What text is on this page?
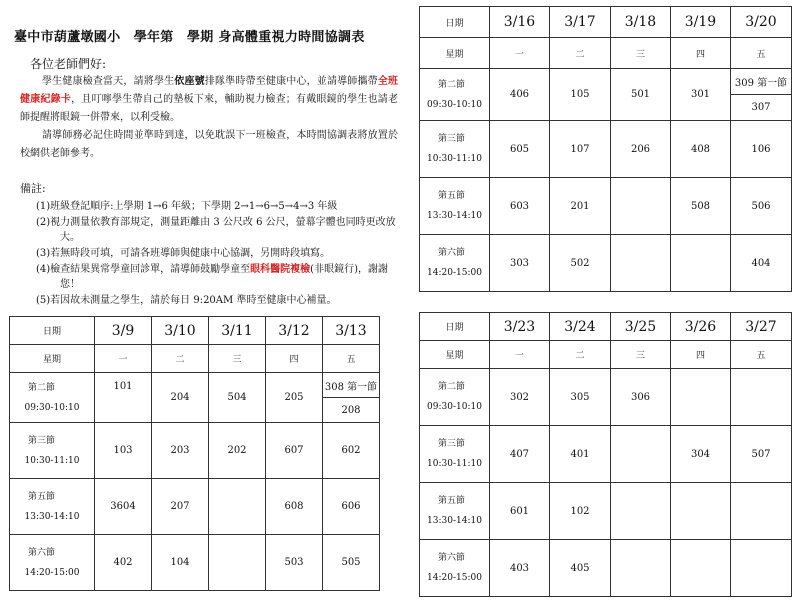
臺中市葫蘆墩國小　學年第　學期 身高體重視力時間協調表
各位老師們好:
學生健康檢查當天，請將學生依座號排隊準時帶至健康中心，並請導師攜帶全班健康紀錄卡，且叮嚀學生帶自己的墊板下來，輔助視力檢查；有戴眼鏡的學生也請老師提醒將眼鏡一併帶來，以利受檢。
請導師務必記住時間並準時到達，以免耽誤下一班檢查，本時間協調表將放置於校網供老師參考。
備註:
(1)班級登記順序:上學期 1→6 年級；下學期 2→1→6→5→4→3 年級
(2)視力測量依教育部規定，測量距離由 3 公尺改 6 公尺，螢幕字體也同時更改放大。
(3)若無時段可填，可請各班導師與健康中心協調，另開時段填寫。
(4)檢查結果異常學童回診單，請導師鼓勵學童至眼科醫院複檢(非眼鏡行)，謝謝您！
(5)若因故未測量之學生，請於每日 9:20AM 準時至健康中心補量。
日期	3/9	3/10	3/11	3/12	3/13
星期	一	二	三	四	五

第二節
09:30-10:10	101	204	504	205	308 第一節
					208

第三節
10:30-11:10	103	203	202	607	602

第五節
13:30-14:10	3604	207		608	606

第六節
14:20-15:00	402	104		503	505
日期	3/16	3/17	3/18	3/19	3/20
星期	一	二	三	四	五

第二節
09:30-10:10	406	105	501	301	309 第一節
					307

第三節
10:30-11:10	605	107	206	408	106

第五節
13:30-14:10	603	201		508	506

第六節
14:20-15:00	303	502			404
日期	3/23	3/24	3/25	3/26	3/27
星期	一	二	三	四	五

第二節
09:30-10:10	302	305	306		

第三節
10:30-11:10	407	401		304	507

第五節
13:30-14:10	601	102			

第六節
14:20-15:00	403	405			
